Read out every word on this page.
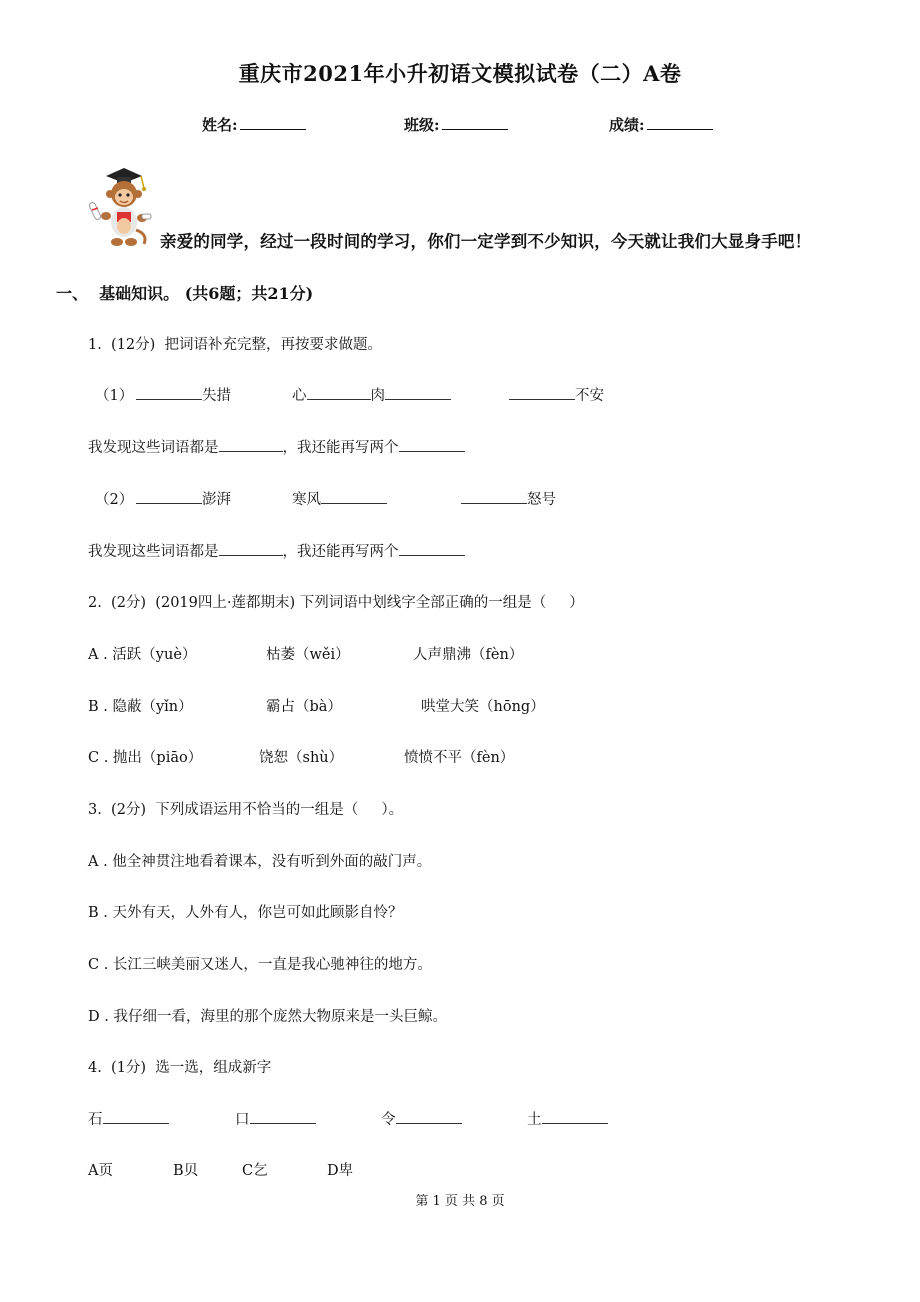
重庆市2021年小升初语文模拟试卷（二）A卷
姓名:	班级:	成绩:
亲爱的同学，经过一段时间的学习，你们一定学到不少知识，今天就让我们大显身手吧！
一、  基础知识。 (共6题；共21分)
1.  (12分)  把词语补充完整，再按要求做题。
（1）	失措	心	肉	不安
我发现这些词语都是	，我还能再写两个
（2）	澎湃	寒风	怒号
我发现这些词语都是	，我还能再写两个
2.  (2分)  (2019四上·莲都期末) 下列词语中划线字全部正确的一组是（     ）
A . 活跃（yuè）	枯萎（wěi）	人声鼎沸（fèn）
B . 隐蔽（yǐn）	霸占（bà）	哄堂大笑（hōng）
C . 抛出（piāo）	饶恕（shù）	愤愤不平（fèn）
3.  (2分)  下列成语运用不恰当的一组是（     ）。
A . 他全神贯注地看着课本，没有听到外面的敲门声。
B . 天外有天，人外有人，你岂可如此顾影自怜？
C . 长江三峡美丽又迷人，一直是我心驰神往的地方。
D . 我仔细一看，海里的那个庞然大物原来是一头巨鲸。
4.  (1分)  选一选，组成新字
石	口	令	土
A页	B贝	C乞	D卑
第 1 页 共 8 页
